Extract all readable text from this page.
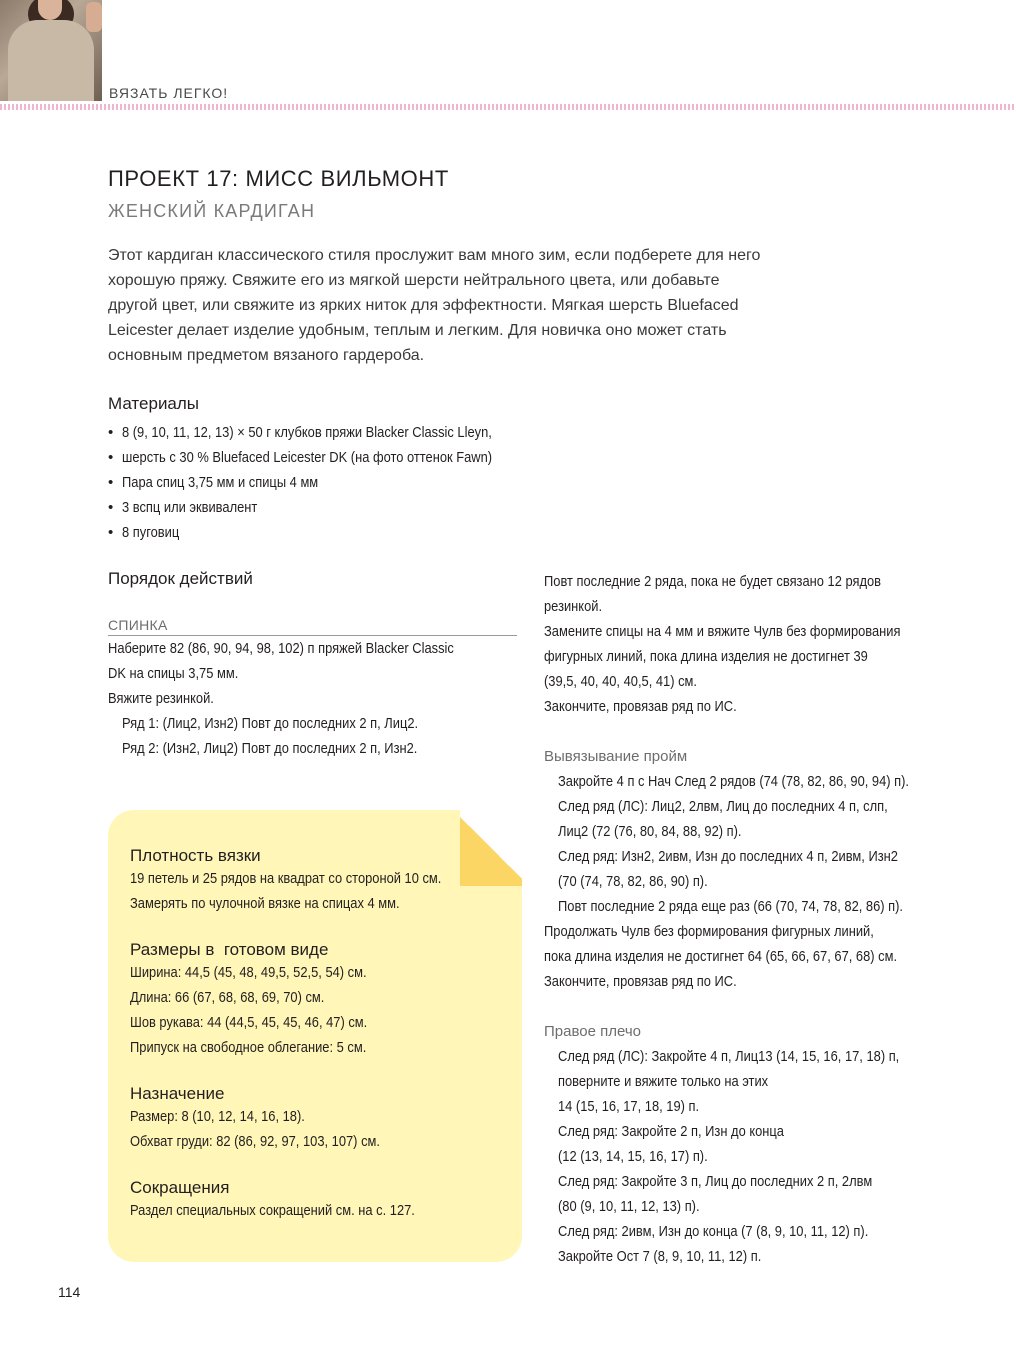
ВЯЗАТЬ ЛЕГКО!
ПРОЕКТ 17: МИСС ВИЛЬМОНТ
ЖЕНСКИЙ КАРДИГАН
Этот кардиган классического стиля прослужит вам много зим, если подберете для него
хорошую пряжу. Свяжите его из мягкой шерсти нейтрального цвета, или добавьте
другой цвет, или свяжите из ярких ниток для эффектности. Мягкая шерсть Bluefaced
Leicester делает изделие удобным, теплым и легким. Для новичка оно может стать
основным предметом вязаного гардероба.
Материалы
• 8 (9, 10, 11, 12, 13) × 50 г клубков пряжи Blacker Classic Lleyn,
• шерсть с 30 % Bluefaced Leicester DK (на фото оттенок Fawn)
• Пара спиц 3,75 мм и спицы 4 мм
• 3 вспц или эквивалент
• 8 пуговиц
Порядок действий
СПИНКА
Наберите 82 (86, 90, 94, 98, 102) п пряжей Blacker Classic
DK на спицы 3,75 мм.
Вяжите резинкой.
Ряд 1: (Лиц2, Изн2) Повт до последних 2 п, Лиц2.
Ряд 2: (Изн2, Лиц2) Повт до последних 2 п, Изн2.
Плотность вязки
19 петель и 25 рядов на квадрат со стороной 10 см.
Замерять по чулочной вязке на спицах 4 мм.
Размеры в  готовом виде
Ширина: 44,5 (45, 48, 49,5, 52,5, 54) см.
Длина: 66 (67, 68, 68, 69, 70) см.
Шов рукава: 44 (44,5, 45, 45, 46, 47) см.
Припуск на свободное облегание: 5 см.
Назначение
Размер: 8 (10, 12, 14, 16, 18).
Обхват груди: 82 (86, 92, 97, 103, 107) см.
Сокращения
Раздел специальных сокращений см. на с. 127.
Повт последние 2 ряда, пока не будет связано 12 рядов
резинкой.
Замените спицы на 4 мм и вяжите Чулв без формирования
фигурных линий, пока длина изделия не достигнет 39
(39,5, 40, 40, 40,5, 41) см.
Закончите, провязав ряд по ИС.
Вывязывание пройм
Закройте 4 п с Нач След 2 рядов (74 (78, 82, 86, 90, 94) п).
След ряд (ЛС): Лиц2, 2лвм, Лиц до последних 4 п, слп,
Лиц2 (72 (76, 80, 84, 88, 92) п).
След ряд: Изн2, 2ивм, Изн до последних 4 п, 2ивм, Изн2
(70 (74, 78, 82, 86, 90) п).
Повт последние 2 ряда еще раз (66 (70, 74, 78, 82, 86) п).
Продолжать Чулв без формирования фигурных линий,
пока длина изделия не достигнет 64 (65, 66, 67, 67, 68) см.
Закончите, провязав ряд по ИС.
Правое плечо
След ряд (ЛС): Закройте 4 п, Лиц13 (14, 15, 16, 17, 18) п,
поверните и вяжите только на этих
14 (15, 16, 17, 18, 19) п.
След ряд: Закройте 2 п, Изн до конца
(12 (13, 14, 15, 16, 17) п).
След ряд: Закройте 3 п, Лиц до последних 2 п, 2лвм
(80 (9, 10, 11, 12, 13) п).
След ряд: 2ивм, Изн до конца (7 (8, 9, 10, 11, 12) п).
Закройте Ост 7 (8, 9, 10, 11, 12) п.
114
